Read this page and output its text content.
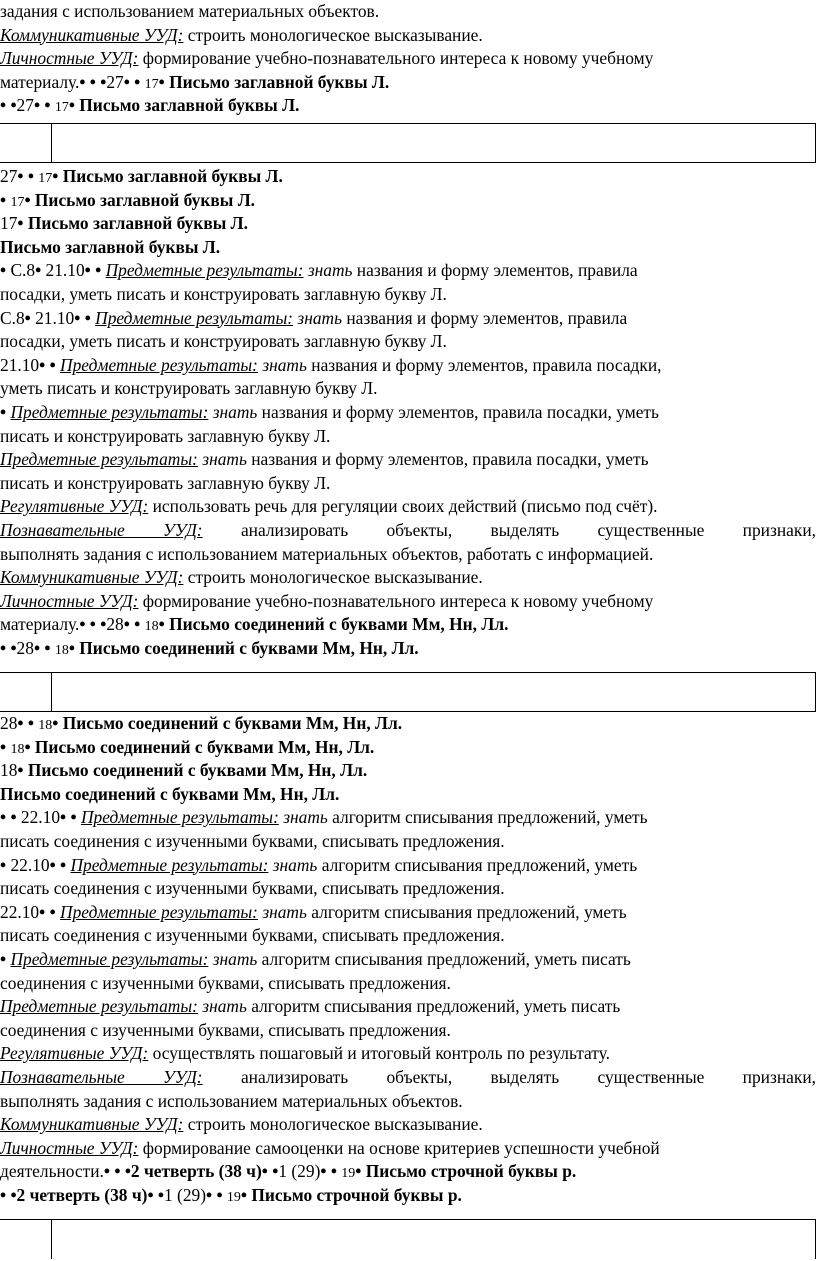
задания с использованием материальных объектов.
Коммуникативные УУД: строить монологическое высказывание.
Личностные УУД: формирование учебно-познавательного интереса к новому учебному
материалу.• • •27• • 17• Письмо заглавной буквы Л.
• •27• • 17• Письмо заглавной буквы Л.
27• • 17• Письмо заглавной буквы Л.
• 17• Письмо заглавной буквы Л.
17• Письмо заглавной буквы Л.
Письмо заглавной буквы Л.
• С.8• 21.10• • Предметные результаты: знать названия и форму элементов, правила
посадки, уметь писать и конструировать заглавную букву Л.
С.8• 21.10• • Предметные результаты: знать названия и форму элементов, правила
посадки, уметь писать и конструировать заглавную букву Л.
21.10• • Предметные результаты: знать названия и форму элементов, правила посадки,
уметь писать и конструировать заглавную букву Л.
• Предметные результаты: знать названия и форму элементов, правила посадки, уметь
писать и конструировать заглавную букву Л.
Предметные результаты: знать названия и форму элементов, правила посадки, уметь
писать и конструировать заглавную букву Л.
Регулятивные УУД: использовать речь для регуляции своих действий (письмо под счёт).
Познавательные УУД: анализировать объекты, выделять существенные признаки,
выполнять задания с использованием материальных объектов, работать с информацией.
Коммуникативные УУД: строить монологическое высказывание.
Личностные УУД: формирование учебно-познавательного интереса к новому учебному
материалу.• • •28• • 18• Письмо соединений с буквами Мм, Нн, Лл.
• •28• • 18• Письмо соединений с буквами Мм, Нн, Лл.
28• • 18• Письмо соединений с буквами Мм, Нн, Лл.
• 18• Письмо соединений с буквами Мм, Нн, Лл.
18• Письмо соединений с буквами Мм, Нн, Лл.
Письмо соединений с буквами Мм, Нн, Лл.
• • 22.10• • Предметные результаты: знать алгоритм списывания предложений, уметь
писать соединения с изученными буквами, списывать предложения.
• 22.10• • Предметные результаты: знать алгоритм списывания предложений, уметь
писать соединения с изученными буквами, списывать предложения.
22.10• • Предметные результаты: знать алгоритм списывания предложений, уметь
писать соединения с изученными буквами, списывать предложения.
• Предметные результаты: знать алгоритм списывания предложений, уметь писать
соединения с изученными буквами, списывать предложения.
Предметные результаты: знать алгоритм списывания предложений, уметь писать
соединения с изученными буквами, списывать предложения.
Регулятивные УУД: осуществлять пошаговый и итоговый контроль по результату.
Познавательные УУД: анализировать объекты, выделять существенные признаки,
выполнять задания с использованием материальных объектов.
Коммуникативные УУД: строить монологическое высказывание.
Личностные УУД: формирование самооценки на основе критериев успешности учебной
деятельности.• • •2 четверть (38 ч)• •1 (29)• • 19• Письмо строчной буквы р.
• •2 четверть (38 ч)• •1 (29)• • 19• Письмо строчной буквы р.
